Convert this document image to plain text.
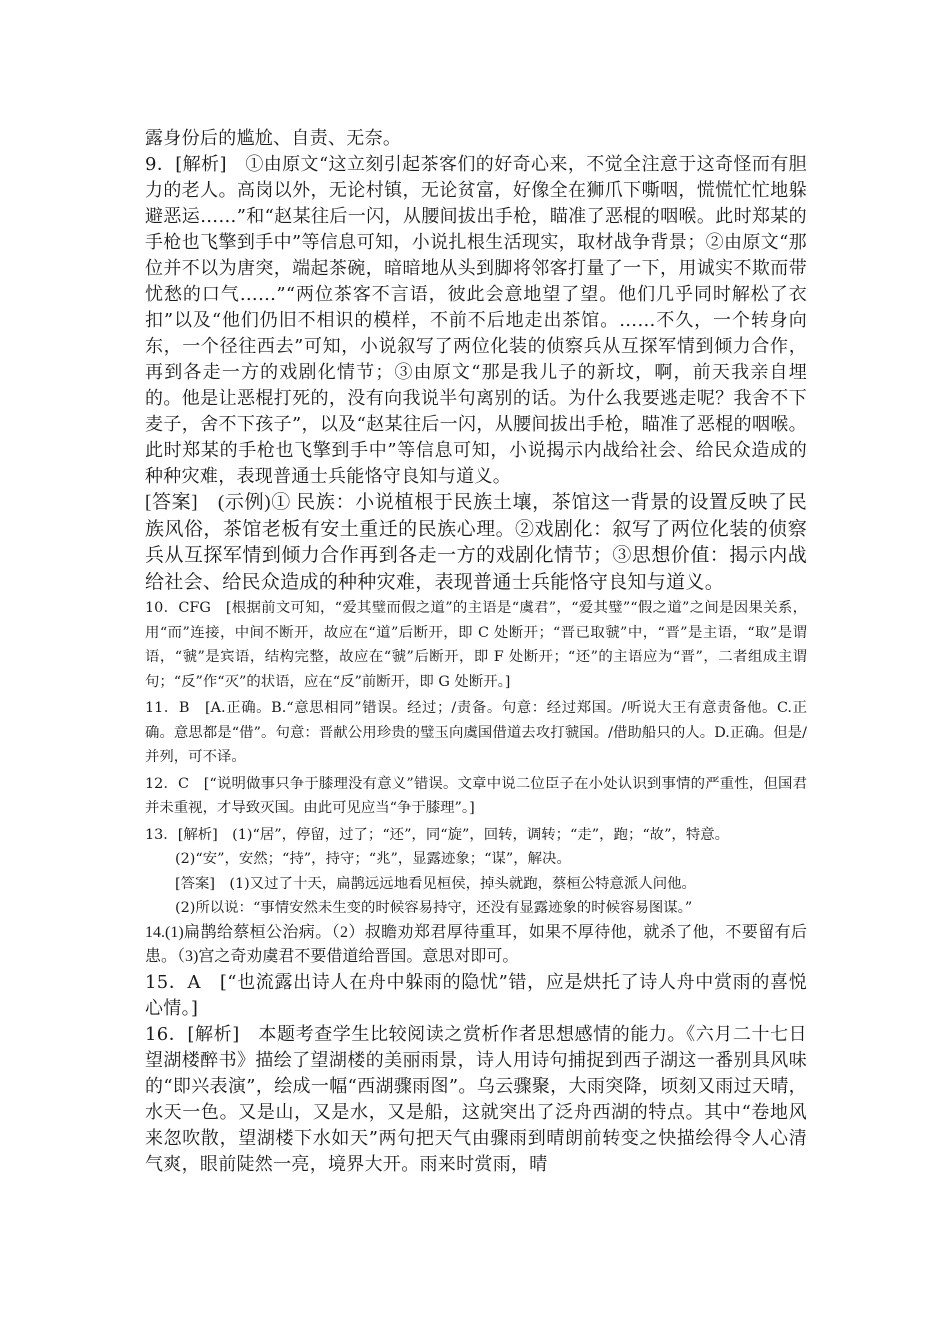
露身份后的尴尬、自责、无奈。

9．[解析]　①由原文“这立刻引起茶客们的好奇心来，不觉全注意于这奇怪而有胆力的老人。高岗以外，无论村镇，无论贫富，好像全在狮爪下嘶咽，慌慌忙忙地躲避恶运……”和“赵某往后一闪，从腰间拔出手枪，瞄准了恶棍的咽喉。此时郑某的手枪也飞擎到手中”等信息可知，小说扎根生活现实，取材战争背景；②由原文“那位并不以为唐突，端起茶碗，暗暗地从头到脚将邻客打量了一下，用诚实不欺而带忧愁的口气……”“两位茶客不言语，彼此会意地望了望。他们几乎同时解松了衣扣”以及“他们仍旧不相识的模样，不前不后地走出茶馆。……不久，一个转身向东，一个径往西去”可知，小说叙写了两位化装的侦察兵从互探军情到倾力合作，再到各走一方的戏剧化情节；③由原文“那是我儿子的新坟，啊，前天我亲自埋的。他是让恶棍打死的，没有向我说半句离别的话。为什么我要逃走呢？我舍不下麦子，舍不下孩子”，以及“赵某往后一闪，从腰间拔出手枪，瞄准了恶棍的咽喉。此时郑某的手枪也飞擎到手中”等信息可知，小说揭示内战给社会、给民众造成的种种灾难，表现普通士兵能恪守良知与道义。

[答案]　(示例)① 民族：小说植根于民族土壤，茶馆这一背景的设置反映了民族风俗，茶馆老板有安土重迁的民族心理。②戏剧化：叙写了两位化装的侦察兵从互探军情到倾力合作再到各走一方的戏剧化情节；③思想价值：揭示内战给社会、给民众造成的种种灾难，表现普通士兵能恪守良知与道义。

10．CFG　[根据前文可知，“爱其璧而假之道”的主语是“虞君”，“爱其璧”“假之道”之间是因果关系，用“而”连接，中间不断开，故应在“道”后断开，即 C 处断开；“晋已取虢”中，“晋”是主语，“取”是谓语，“虢”是宾语，结构完整，故应在“虢”后断开，即 F 处断开；“还”的主语应为“晋”，二者组成主谓句；“反”作“灭”的状语，应在“反”前断开，即 G 处断开。]

11．B　[A.正确。B.“意思相同”错误。经过；/责备。句意：经过郑国。/听说大王有意责备他。C.正确。意思都是“借”。句意：晋献公用珍贵的璧玉向虞国借道去攻打虢国。/借助船只的人。D.正确。但是/并列，可不译。

12．C　[“说明做事只争于膝理没有意义”错误。文章中说二位臣子在小处认识到事情的严重性，但国君并未重视，才导致灭国。由此可见应当“争于膝理”。]

13．[解析]　(1)“居”，停留，过了；“还”，同“旋”，回转，调转；“走”，跑；“故”，特意。

(2)“安”，安然；“持”，持守；“兆”，显露迹象；“谋”，解决。

[答案]　(1)又过了十天，扁鹊远远地看见桓侯，掉头就跑，蔡桓公特意派人问他。

(2)所以说：“事情安然未生变的时候容易持守，还没有显露迹象的时候容易图谋。”

14.(1)扁鹊给蔡桓公治病。（2）叔瞻劝郑君厚待重耳，如果不厚待他，就杀了他，不要留有后患。（3)宫之奇劝虞君不要借道给晋国。意思对即可。

15．A　[“也流露出诗人在舟中躲雨的隐忧”错，应是烘托了诗人舟中赏雨的喜悦心情。]

16．[解析]　本题考查学生比较阅读之赏析作者思想感情的能力。《六月二十七日望湖楼醉书》描绘了望湖楼的美丽雨景，诗人用诗句捕捉到西子湖这一番别具风味的“即兴表演”，绘成一幅“西湖骤雨图”。乌云骤聚，大雨突降，顷刻又雨过天晴，水天一色。又是山，又是水，又是船，这就突出了泛舟西湖的特点。其中“卷地风来忽吹散，望湖楼下水如天”两句把天气由骤雨到晴朗前转变之快描绘得令人心清气爽，眼前陡然一亮，境界大开。雨来时赏雨，晴
